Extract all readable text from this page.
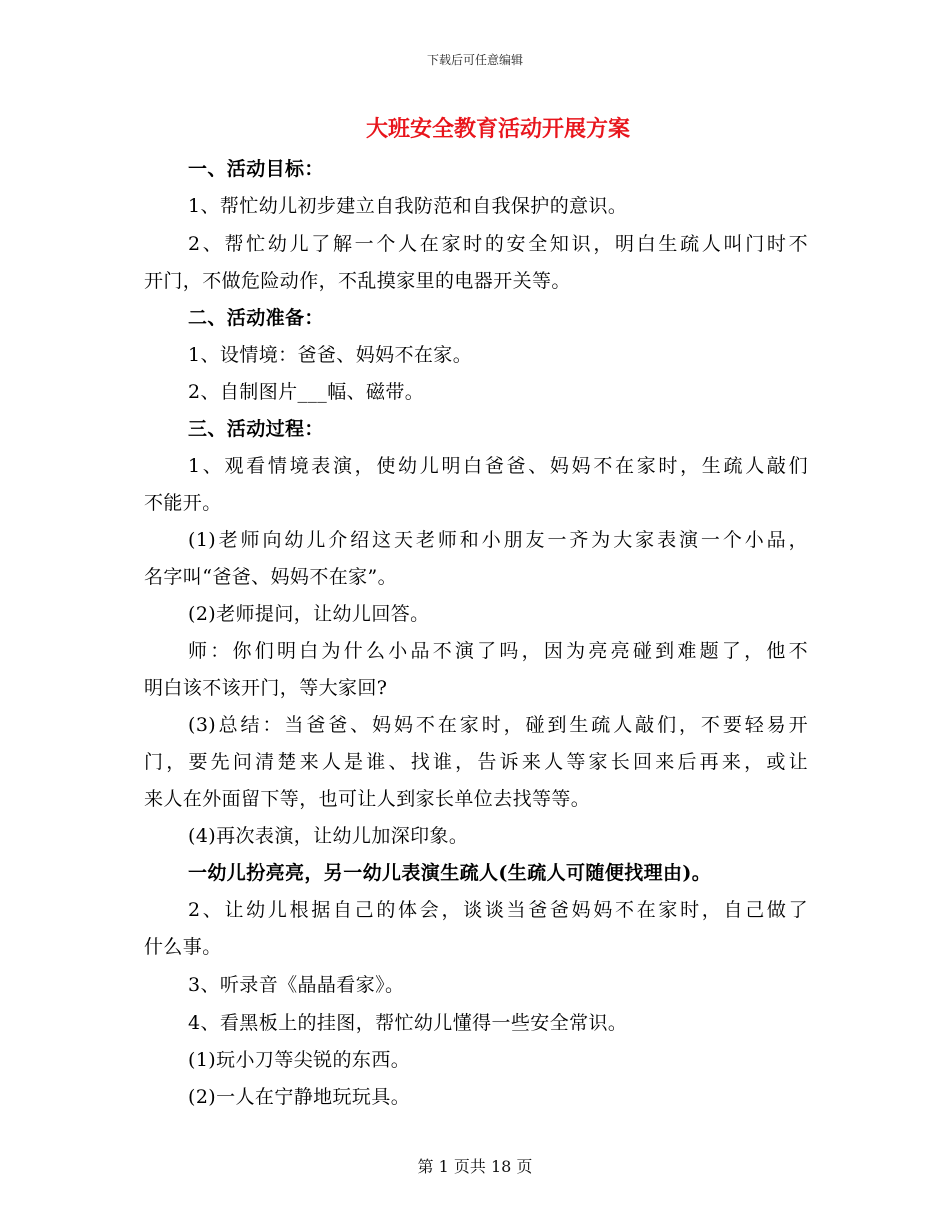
下载后可任意编辑
大班安全教育活动开展方案
一、活动目标：
1、帮忙幼儿初步建立自我防范和自我保护的意识。
2、帮忙幼儿了解一个人在家时的安全知识，明白生疏人叫门时不
开门，不做危险动作，不乱摸家里的电器开关等。
二、活动准备：
1、设情境：爸爸、妈妈不在家。
2、自制图片___幅、磁带。
三、活动过程：
1、观看情境表演，使幼儿明白爸爸、妈妈不在家时，生疏人敲们
不能开。
(1)老师向幼儿介绍这天老师和小朋友一齐为大家表演一个小品，
名字叫“爸爸、妈妈不在家”。
(2)老师提问，让幼儿回答。
师：你们明白为什么小品不演了吗，因为亮亮碰到难题了，他不
明白该不该开门，等大家回?
(3)总结：当爸爸、妈妈不在家时，碰到生疏人敲们，不要轻易开
门，要先问清楚来人是谁、找谁，告诉来人等家长回来后再来，或让
来人在外面留下等，也可让人到家长单位去找等等。
(4)再次表演，让幼儿加深印象。
一幼儿扮亮亮，另一幼儿表演生疏人(生疏人可随便找理由)。
2、让幼儿根据自己的体会，谈谈当爸爸妈妈不在家时，自己做了
什么事。
3、听录音《晶晶看家》。
4、看黑板上的挂图，帮忙幼儿懂得一些安全常识。
(1)玩小刀等尖锐的东西。
(2)一人在宁静地玩玩具。
第 1 页共 18 页
